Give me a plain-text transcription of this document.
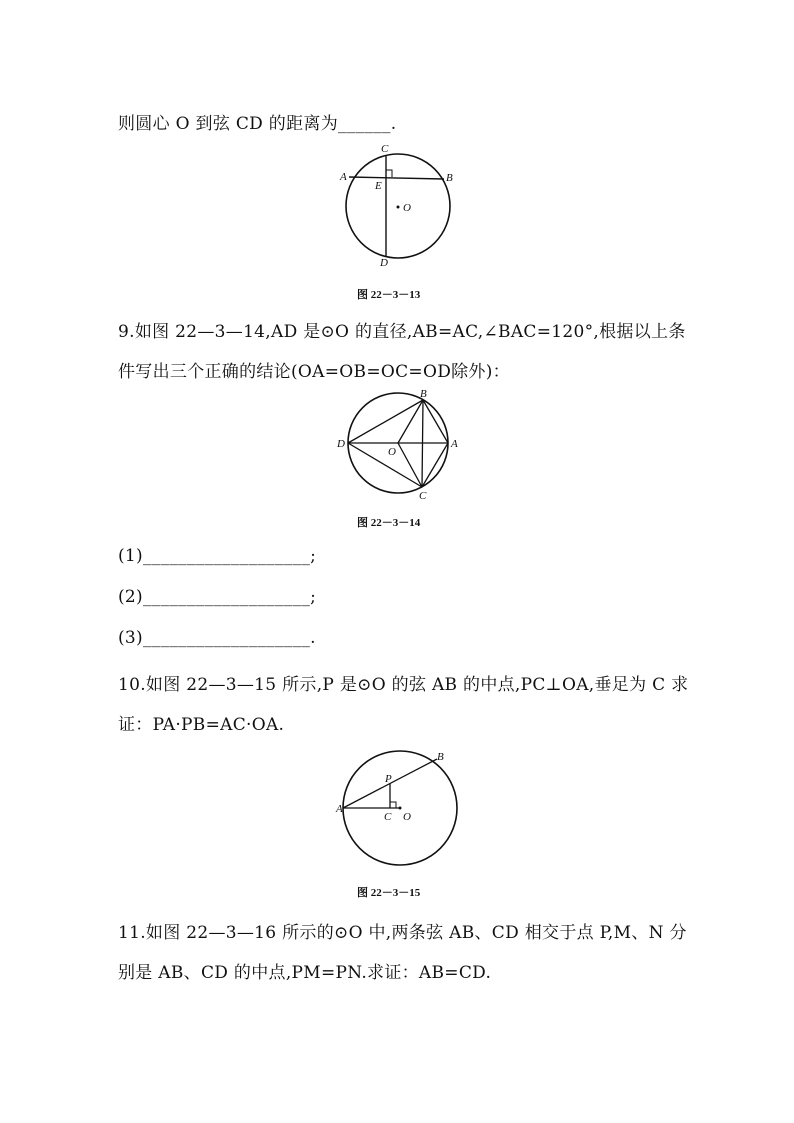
则圆心 O 到弦 CD 的距离为______.
C
A	B
E
O
D
图 22－3－13
9.如图 22—3—14,AD 是⊙O 的直径,AB=AC,∠BAC=120°,根据以上条
件写出三个正确的结论(OA=OB=OC=OD除外)：
B
D	A
O
C
图 22－3－14
(1)___________________;
(2)___________________;
(3)___________________.
10.如图 22—3—15 所示,P 是⊙O 的弦 AB 的中点,PC⊥OA,垂足为 C 求
证：PA·PB=AC·OA.
B
P
A
C O
图 22－3－15
11.如图 22—3—16 所示的⊙O 中,两条弦 AB、CD 相交于点 P,M、N 分
别是 AB、CD 的中点,PM=PN.求证：AB=CD.
